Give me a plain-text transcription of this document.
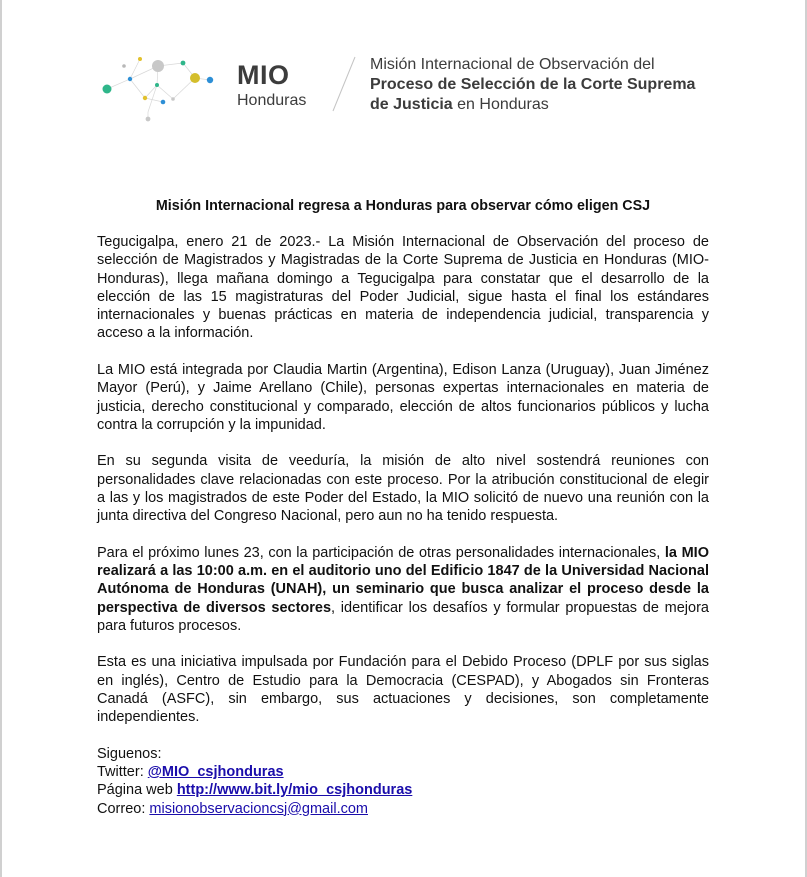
MIO
Honduras
Misión Internacional de Observación del
Proceso de Selección de la Corte Suprema
de Justicia en Honduras
Misión Internacional regresa a Honduras para observar cómo eligen CSJ

Tegucigalpa, enero 21 de 2023.- La Misión Internacional de Observación del proceso de selección de Magistrados y Magistradas de la Corte Suprema de Justicia en Honduras (MIO-Honduras), llega mañana domingo a Tegucigalpa para constatar que el desarrollo de la elección de las 15 magistraturas del Poder Judicial, sigue hasta el final los estándares internacionales y buenas prácticas en materia de independencia judicial, transparencia y acceso a la información.

La MIO está integrada por Claudia Martin (Argentina), Edison Lanza (Uruguay), Juan Jiménez Mayor (Perú), y Jaime Arellano (Chile), personas expertas internacionales en materia de justicia, derecho constitucional y comparado, elección de altos funcionarios públicos y lucha contra la corrupción y la impunidad.

En su segunda visita de veeduría, la misión de alto nivel sostendrá reuniones con personalidades clave relacionadas con este proceso. Por la atribución constitucional de elegir a las y los magistrados de este Poder del Estado, la MIO solicitó de nuevo una reunión con la junta directiva del Congreso Nacional, pero aun no ha tenido respuesta.

Para el próximo lunes 23, con la participación de otras personalidades internacionales, la MIO realizará a las 10:00 a.m. en el auditorio uno del Edificio 1847 de la Universidad Nacional Autónoma de Honduras (UNAH), un seminario que busca analizar el proceso desde la perspectiva de diversos sectores, identificar los desafíos y formular propuestas de mejora para futuros procesos.

Esta es una iniciativa impulsada por Fundación para el Debido Proceso (DPLF por sus siglas en inglés), Centro de Estudio para la Democracia (CESPAD), y Abogados sin Fronteras Canadá (ASFC), sin embargo, sus actuaciones y decisiones, son completamente independientes.

Siguenos:
Twitter: @MIO_csjhonduras
Página web http://www.bit.ly/mio_csjhonduras
Correo: misionobservacioncsj@gmail.com
